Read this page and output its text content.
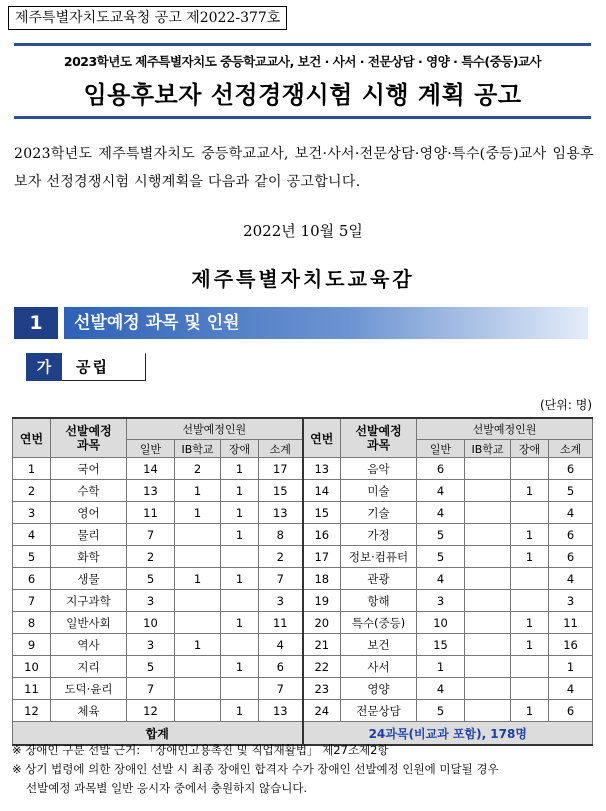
제주특별자치도교육청 공고 제2022-377호
2023학년도 제주특별자치도 중등학교교사, 보건 · 사서 · 전문상담 · 영양 · 특수(중등)교사
임용후보자 선정경쟁시험 시행 계획 공고
2023학년도 제주특별자치도 중등학교교사, 보건·사서·전문상담·영양·특수(중등)교사 임용후보자 선정경쟁시험 시행계획을 다음과 같이 공고합니다.
2022년 10월 5일
제주특별자치도교육감
1	선발예정 과목 및 인원
가	공립
(단위: 명)
연번	선발예정
과목	선발예정인원				연번	선발예정
과목	선발예정인원			
		일반	IB학교	장애	소계			일반	IB학교	장애	소계
1	국어	14	2	1	17	13	음악	6			6
2	수학	13	1	1	15	14	미술	4		1	5
3	영어	11	1	1	13	15	기술	4			4
4	물리	7		1	8	16	가정	5		1	6
5	화학	2			2	17	정보·컴퓨터	5		1	6
6	생물	5	1	1	7	18	관광	4			4
7	지구과학	3			3	19	항해	3			3
8	일반사회	10		1	11	20	특수(중등)	10		1	11
9	역사	3	1		4	21	보건	15		1	16
10	지리	5		1	6	22	사서	1			1
11	도덕·윤리	7			7	23	영양	4			4
12	체육	12		1	13	24	전문상담	5		1	6
합계						24과목(비교과 포함), 178명					

※ 장애인 구분 선발 근거: 「장애인고용촉진 및 직업재활법」 제27조제2항

※ 상기 법령에 의한 장애인 선발 시 최종 장애인 합격자 수가 장애인 선발예정 인원에 미달될 경우

선발예정 과목별 일반 응시자 중에서 충원하지 않습니다.
